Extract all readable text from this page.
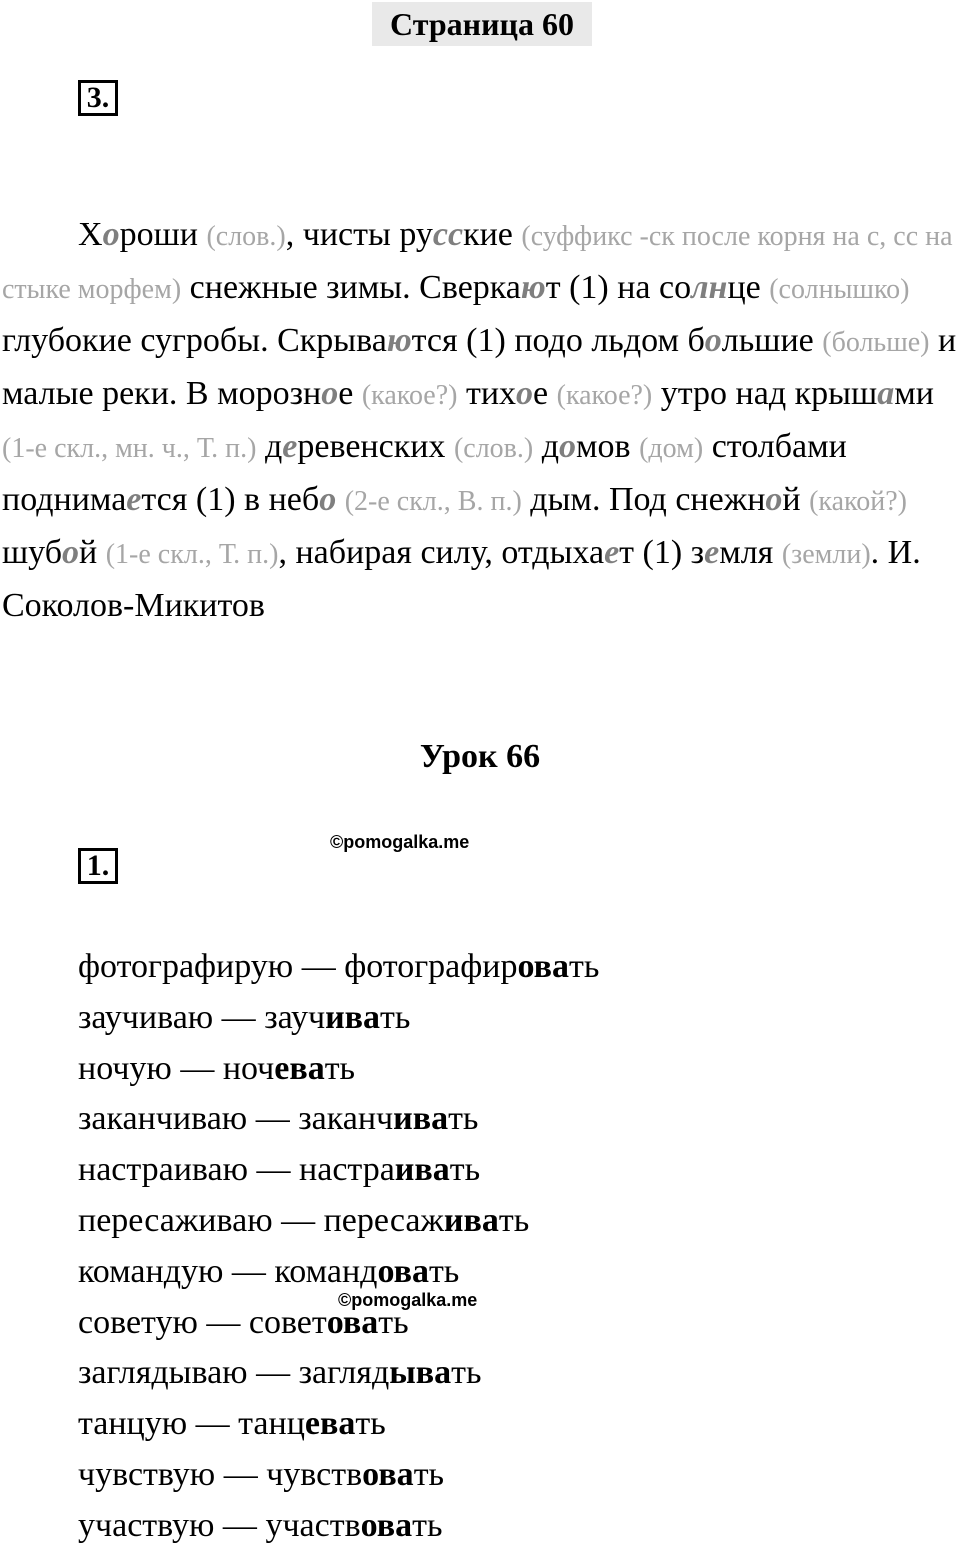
Страница 60
3.

Хороши (слов.), чисты русские (суффикс -ск после корня на с, сс на стыке морфем) снежные зимы. Сверкают (1) на солнце (солнышко) глубокие сугробы. Скрываются (1) подо льдом большие (больше) и малые реки. В морозное (какое?) тихое (какое?) утро над крышами (1-е скл., мн. ч., Т. п.) деревенских (слов.) домов (дом) столбами поднимается (1) в небо (2-е скл., В. п.) дым. Под снежной (какой?) шубой (1-е скл., Т. п.), набирая силу, отдыхает (1) земля (земли). И. Соколов-Микитов

Урок 66
1.
©pomogalka.me
©pomogalka.me
фотографирую — фотографировать
заучиваю — заучивать
ночую — ночевать
заканчиваю — заканчивать
настраиваю — настраивать
пересаживаю — пересаживать
командую — командовать
советую — советовать
заглядываю — заглядывать
танцую — танцевать
чувствую — чувствовать
участвую — участвовать
